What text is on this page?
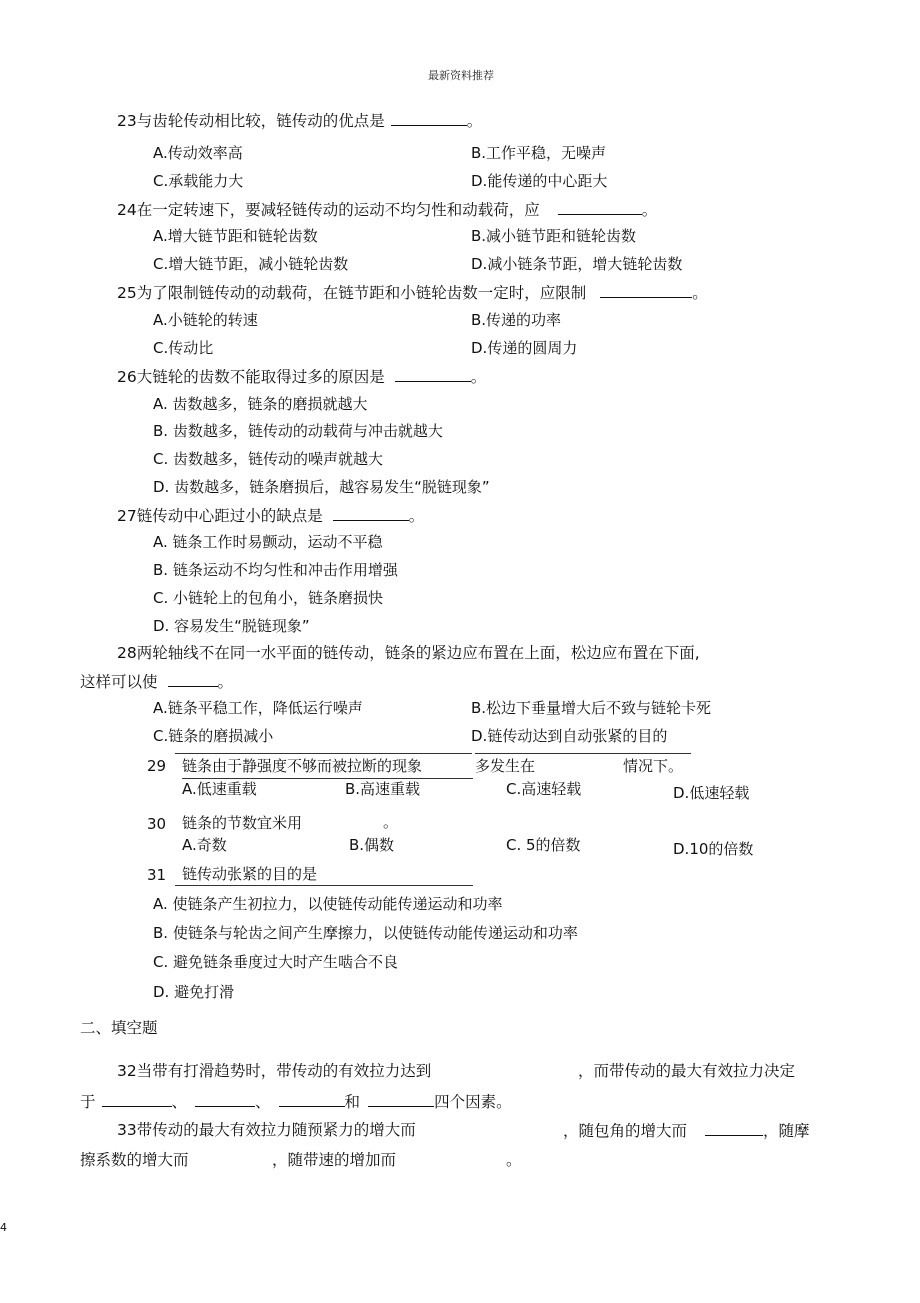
最新资料推荐
23与齿轮传动相比较，链传动的优点是	。
A.传动效率高	B.工作平稳，无噪声
C.承载能力大	D.能传递的中心距大
24在一定转速下，要减轻链传动的运动不均匀性和动载荷，应	。
A.增大链节距和链轮齿数	B.减小链节距和链轮齿数
C.增大链节距，减小链轮齿数	D.减小链条节距，增大链轮齿数
25为了限制链传动的动载荷，在链节距和小链轮齿数一定时，应限制	。
A.小链轮的转速	B.传递的功率
C.传动比	D.传递的圆周力
26大链轮的齿数不能取得过多的原因是	。
A. 齿数越多，链条的磨损就越大
B. 齿数越多，链传动的动载荷与冲击就越大
C. 齿数越多，链传动的噪声就越大
D. 齿数越多，链条磨损后，越容易发生“脱链现象”
27链传动中心距过小的缺点是	。
A. 链条工作时易颤动，运动不平稳
B. 链条运动不均匀性和冲击作用增强
C. 小链轮上的包角小，链条磨损快
D. 容易发生“脱链现象”
28两轮轴线不在同一水平面的链传动，链条的紧边应布置在上面，松边应布置在下面,
这样可以使	。
A.链条平稳工作，降低运行噪声	B.松边下垂量增大后不致与链轮卡死
C.链条的磨损减小	D.链传动达到自动张紧的目的
29 链条由于静强度不够而被拉断的现象	多发生在	情况下。
A.低速重载	B.高速重载	C.高速轻载	D.低速轻载
30 链条的节数宜米用	。
A.奇数	B.偶数	C. 5的倍数	D.10的倍数
31 链传动张紧的目的是
A. 使链条产生初拉力，以使链传动能传递运动和功率
B. 使链条与轮齿之间产生摩擦力，以使链传动能传递运动和功率
C. 避免链条垂度过大时产生啮合不良
D. 避免打滑
二、填空题
32当带有打滑趋势时，带传动的有效拉力达到	，而带传动的最大有效拉力决定
于	、	、	和	四个因素。
33带传动的最大有效拉力随预紧力的增大而	，随包角的增大而	，随摩
擦系数的增大而	，随带速的增加而	。
4
